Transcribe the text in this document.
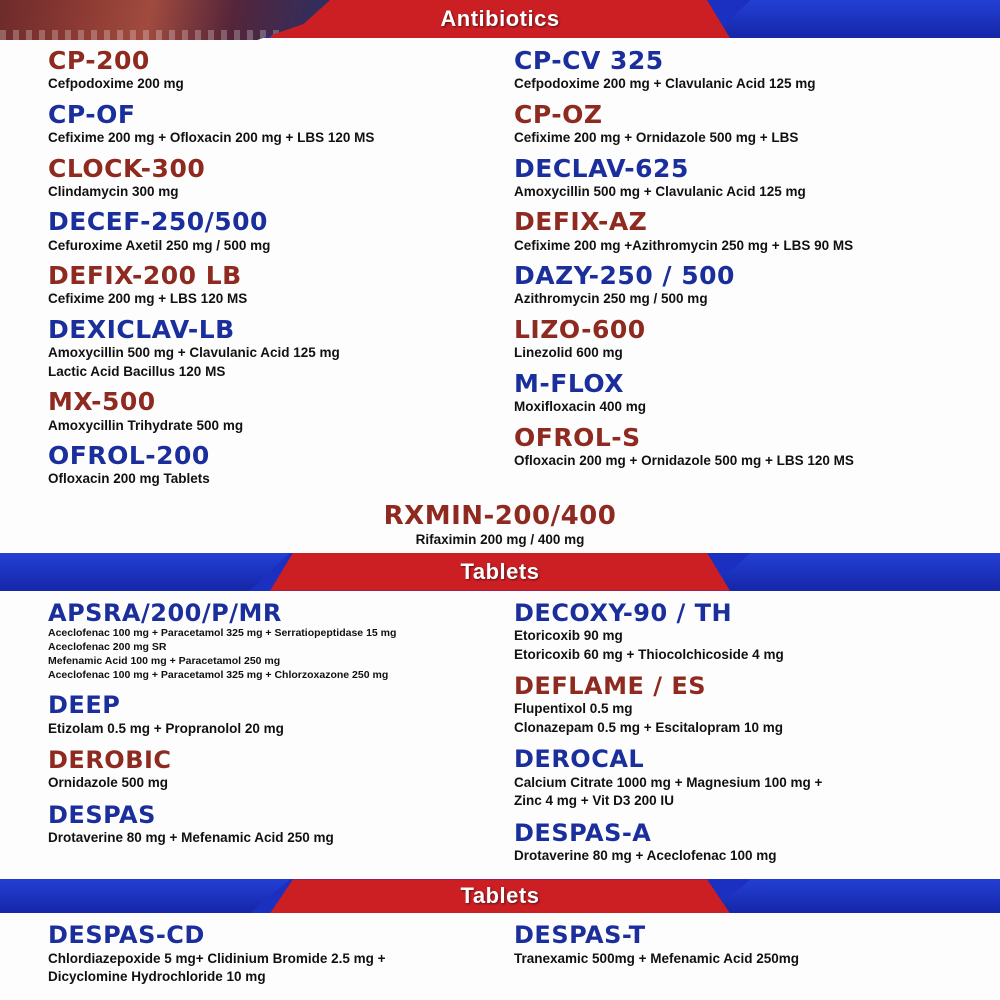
Antibiotics
CP-200
Cefpodoxime 200 mg
CP-OF
Cefixime 200 mg + Ofloxacin 200 mg + LBS 120 MS
CLOCK-300
Clindamycin 300 mg
DECEF-250/500
Cefuroxime Axetil 250 mg / 500 mg
DEFIX-200 LB
Cefixime 200 mg + LBS 120 MS
DEXICLAV-LB
Amoxycillin 500 mg + Clavulanic Acid 125 mg
Lactic Acid Bacillus 120 MS
MX-500
Amoxycillin Trihydrate 500 mg
OFROL-200
Ofloxacin 200 mg Tablets
CP-CV 325
Cefpodoxime 200 mg + Clavulanic Acid 125 mg
CP-OZ
Cefixime 200 mg + Ornidazole 500 mg + LBS
DECLAV-625
Amoxycillin 500 mg + Clavulanic Acid 125 mg
DEFIX-AZ
Cefixime 200 mg +Azithromycin 250 mg + LBS 90 MS
DAZY-250 / 500
Azithromycin 250 mg / 500 mg
LIZO-600
Linezolid 600 mg
M-FLOX
Moxifloxacin 400 mg
OFROL-S
Ofloxacin 200 mg + Ornidazole 500 mg + LBS 120 MS
RXMIN-200/400
Rifaximin 200 mg / 400 mg
Tablets
APSRA/200/P/MR
Aceclofenac 100 mg + Paracetamol 325 mg + Serratiopeptidase 15 mg
Aceclofenac 200 mg SR
Mefenamic Acid 100 mg + Paracetamol 250 mg
Aceclofenac 100 mg + Paracetamol 325 mg + Chlorzoxazone 250 mg
DEEP
Etizolam 0.5 mg + Propranolol 20 mg
DEROBIC
Ornidazole 500 mg
DESPAS
Drotaverine 80 mg + Mefenamic Acid 250 mg
DECOXY-90 / TH
Etoricoxib 90 mg
Etoricoxib 60 mg + Thiocolchicoside 4 mg
DEFLAME / ES
Flupentixol 0.5 mg
Clonazepam 0.5 mg + Escitalopram 10 mg
DEROCAL
Calcium Citrate 1000 mg + Magnesium 100 mg +
Zinc 4 mg + Vit D3 200 IU
DESPAS-A
Drotaverine 80 mg + Aceclofenac 100 mg
Tablets
DESPAS-CD
Chlordiazepoxide 5 mg+ Clidinium Bromide 2.5 mg +
Dicyclomine Hydrochloride 10 mg
DESPAS-T
Tranexamic 500mg + Mefenamic Acid 250mg
